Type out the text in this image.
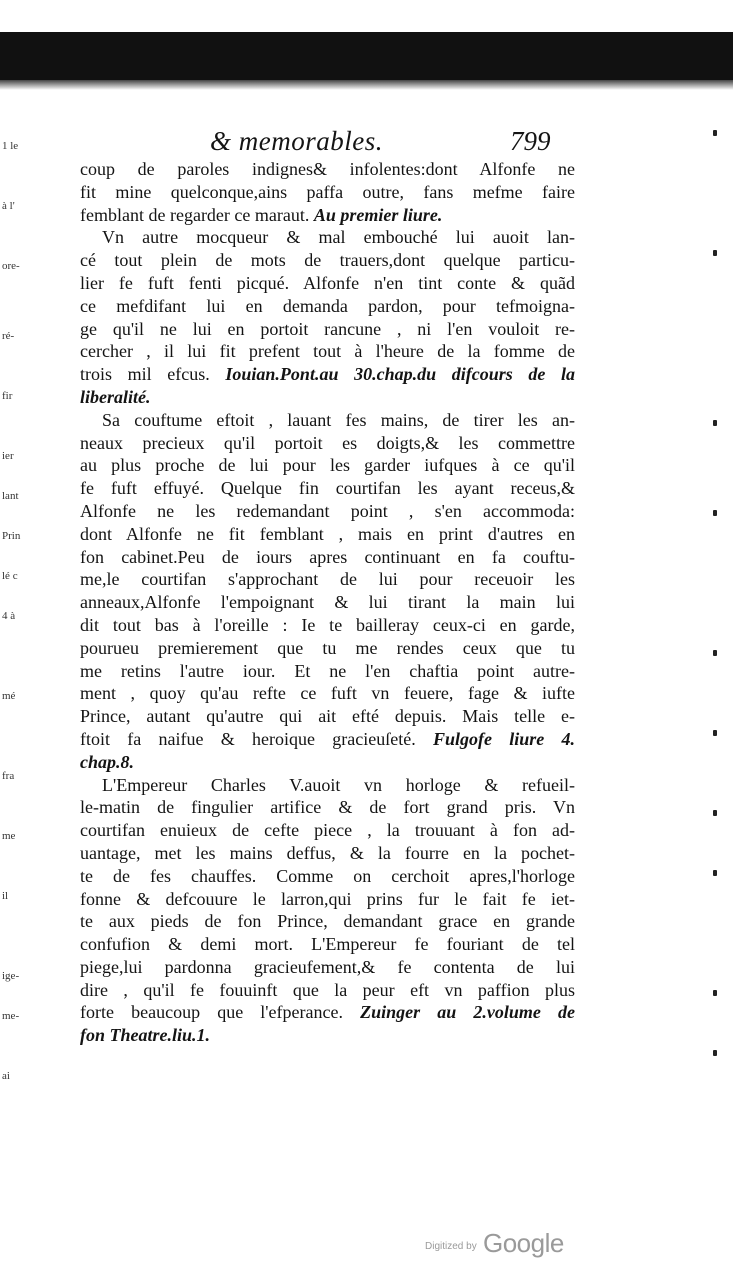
1 le
à l'
ore-
ré-
fir
ier
lant
Prin
lé c
4 à
mé
fra
me
il
ige-
me-
ai
& memorables.	799
coup de paroles indignes& infolentes:dont Alfonfe ne
fit mine quelconque,ains paffa outre, fans mefme faire
femblant de regarder ce maraut. Au premier liure.
Vn autre mocqueur & mal embouché lui auoit lan-
cé tout plein de mots de trauers,dont quelque particu-
lier fe fuft fenti picqué. Alfonfe n'en tint conte & quãd
ce mefdifant lui en demanda pardon, pour tefmoigna-
ge qu'il ne lui en portoit rancune , ni l'en vouloit re-
cercher , il lui fit prefent tout à l'heure de la fomme de
trois mil efcus. Iouian.Pont.au 30.chap.du difcours de la
liberalité.
Sa couftume eftoit , lauant fes mains, de tirer les an-
neaux precieux qu'il portoit es doigts,& les commettre
au plus proche de lui pour les garder iufques à ce qu'il
fe fuft effuyé. Quelque fin courtifan les ayant receus,&
Alfonfe ne les redemandant point , s'en accommoda:
dont Alfonfe ne fit femblant , mais en print d'autres en
fon cabinet.Peu de iours apres continuant en fa couftu-
me,le courtifan s'approchant de lui pour receuoir les
anneaux,Alfonfe l'empoignant & lui tirant la main lui
dit tout bas à l'oreille : Ie te bailleray ceux-ci en garde,
pourueu premierement que tu me rendes ceux que tu
me retins l'autre iour. Et ne l'en chaftia point autre-
ment , quoy qu'au refte ce fuft vn feuere, fage & iufte
Prince, autant qu'autre qui ait efté depuis. Mais telle e-
ftoit fa naifue & heroique gracieuſeté. Fulgofe liure 4.
chap.8.
L'Empereur Charles V.auoit vn horloge & refueil-
le-matin de fingulier artifice & de fort grand pris. Vn
courtifan enuieux de cefte piece , la trouuant à fon ad-
uantage, met les mains deffus, & la fourre en la pochet-
te de fes chauffes. Comme on cerchoit apres,l'horloge
fonne & defcouure le larron,qui prins fur le fait fe iet-
te aux pieds de fon Prince, demandant grace en grande
confufion & demi mort. L'Empereur fe fouriant de tel
piege,lui pardonna gracieufement,& fe contenta de lui
dire , qu'il fe fouuinft que la peur eft vn paffion plus
forte beaucoup que l'efperance. Zuinger au 2.volume de
fon Theatre.liu.1.
Digitized by Google
